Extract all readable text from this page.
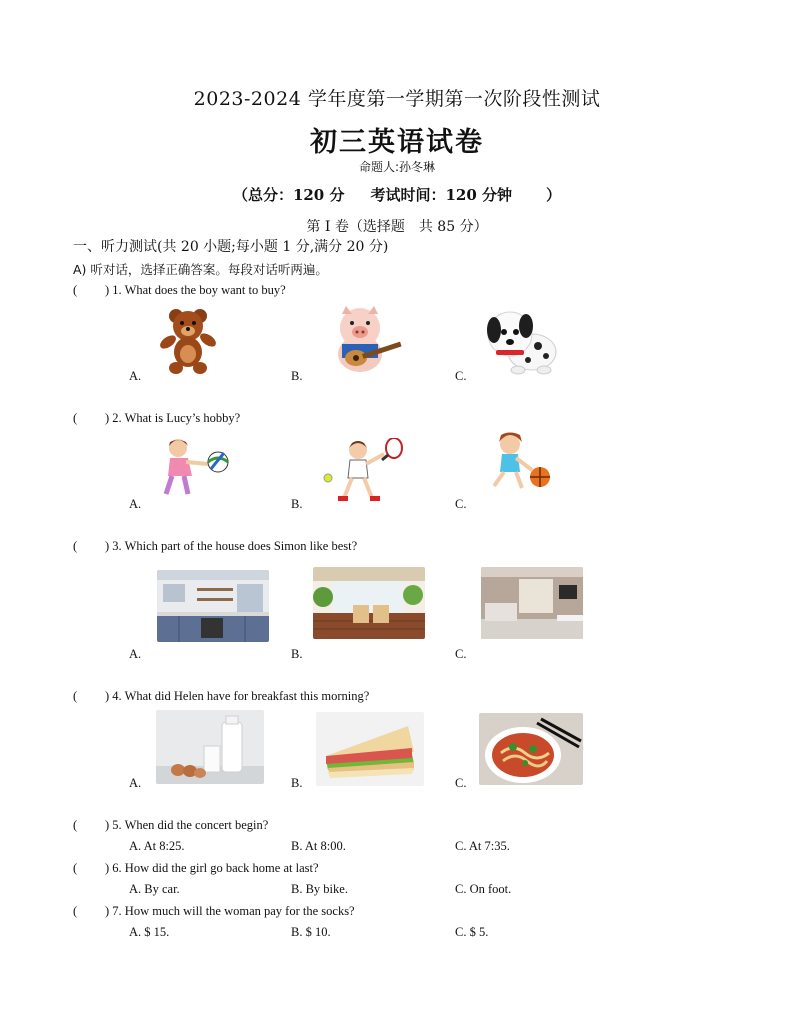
2023-2024 学年度第一学期第一次阶段性测试
初三英语试卷
命题人:孙冬琳
（总分：120 分 考试时间：120 分钟 ）
第 I 卷（选择题　共 85 分）
一、听力测试(共 20 小题;每小题 1 分,满分 20 分)
A) 听对话，选择正确答案。每段对话听两遍。
( ) 1. What does the boy want to buy?
A.	B.	C.
( ) 2. What is Lucy’s hobby?
A.	B.	C.
( ) 3. Which part of the house does Simon like best?
A.	B.	C.
( ) 4. What did Helen have for breakfast this morning?
A.	B.	C.
( ) 5. When did the concert begin?
A. At 8:25.	B. At 8:00.	C. At 7:35.
( ) 6. How did the girl go back home at last?
A. By car.	B. By bike.	C. On foot.
( ) 7. How much will the woman pay for the socks?
A. $ 15.	B. $ 10.	C. $ 5.
